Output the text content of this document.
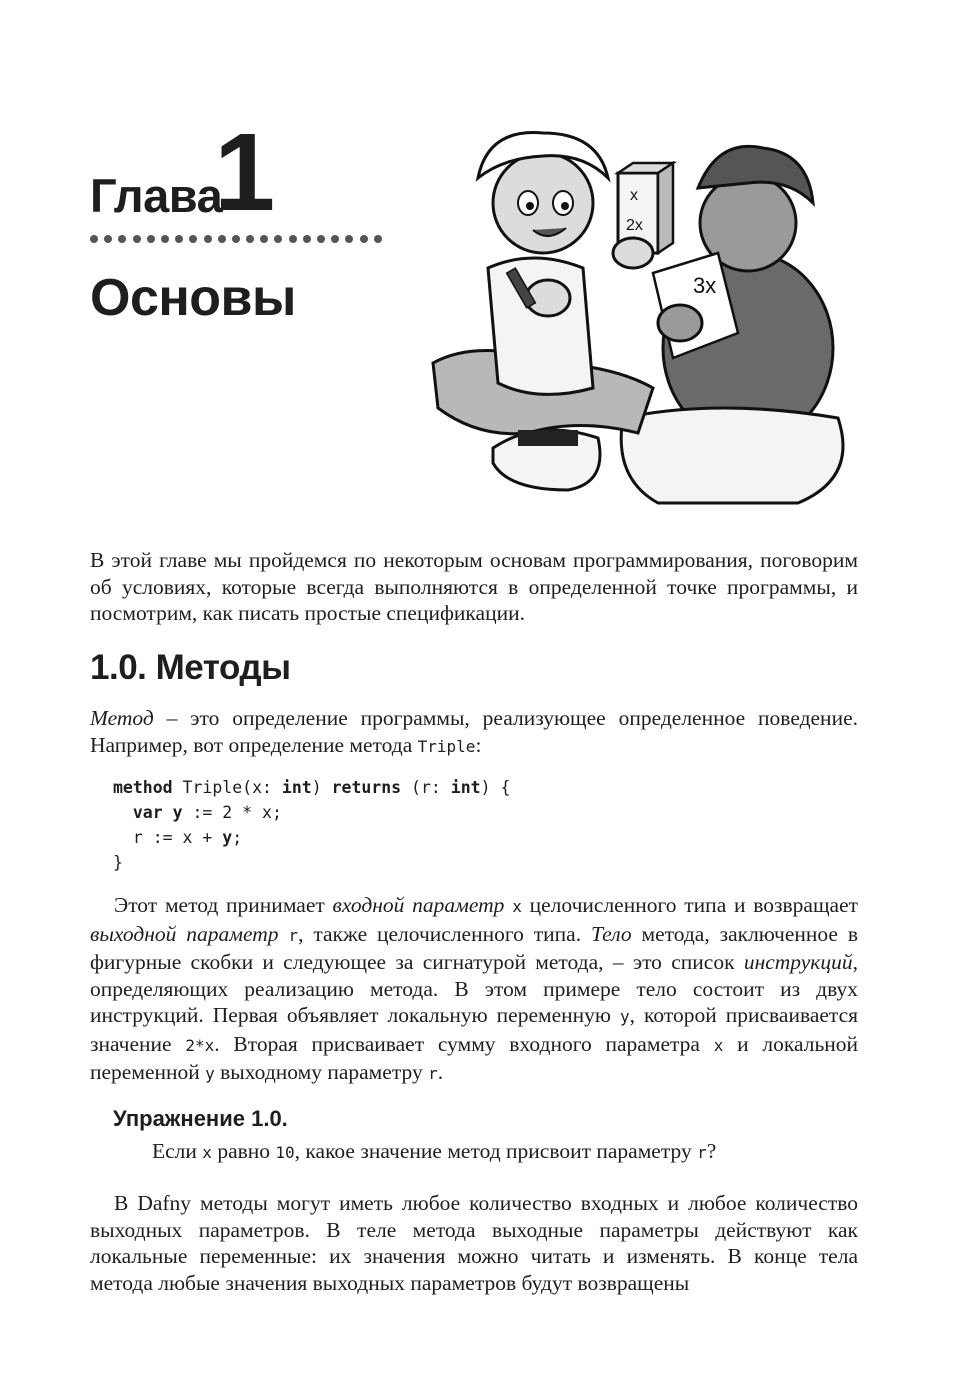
Глава
1
Основы	3x
x
2x
В этой главе мы пройдемся по некоторым основам программирования, поговорим об условиях, которые всегда выполняются в определенной точке программы, и посмотрим, как писать простые спецификации.
1.0. Методы
Метод – это определение программы, реализующее определенное поведение. Например, вот определение метода Triple:
method Triple(x: int) returns (r: int) {
var y := 2 * x;
r := x + y;
}
Этот метод принимает входной параметр x целочисленного типа и возвращает выходной параметр r, также целочисленного типа. Тело метода, заключенное в фигурные скобки и следующее за сигнатурой метода, – это список инструкций, определяющих реализацию метода. В этом примере тело состоит из двух инструкций. Первая объявляет локальную переменную y, которой присваивается значение 2*x. Вторая присваивает сумму входного параметра x и локальной переменной y выходному параметру r.
Упражнение 1.0.
Если x равно 10, какое значение метод присвоит параметру r?
В Dafny методы могут иметь любое количество входных и любое количество выходных параметров. В теле метода выходные параметры действуют как локальные переменные: их значения можно читать и изменять. В конце тела метода любые значения выходных параметров будут возвращены
